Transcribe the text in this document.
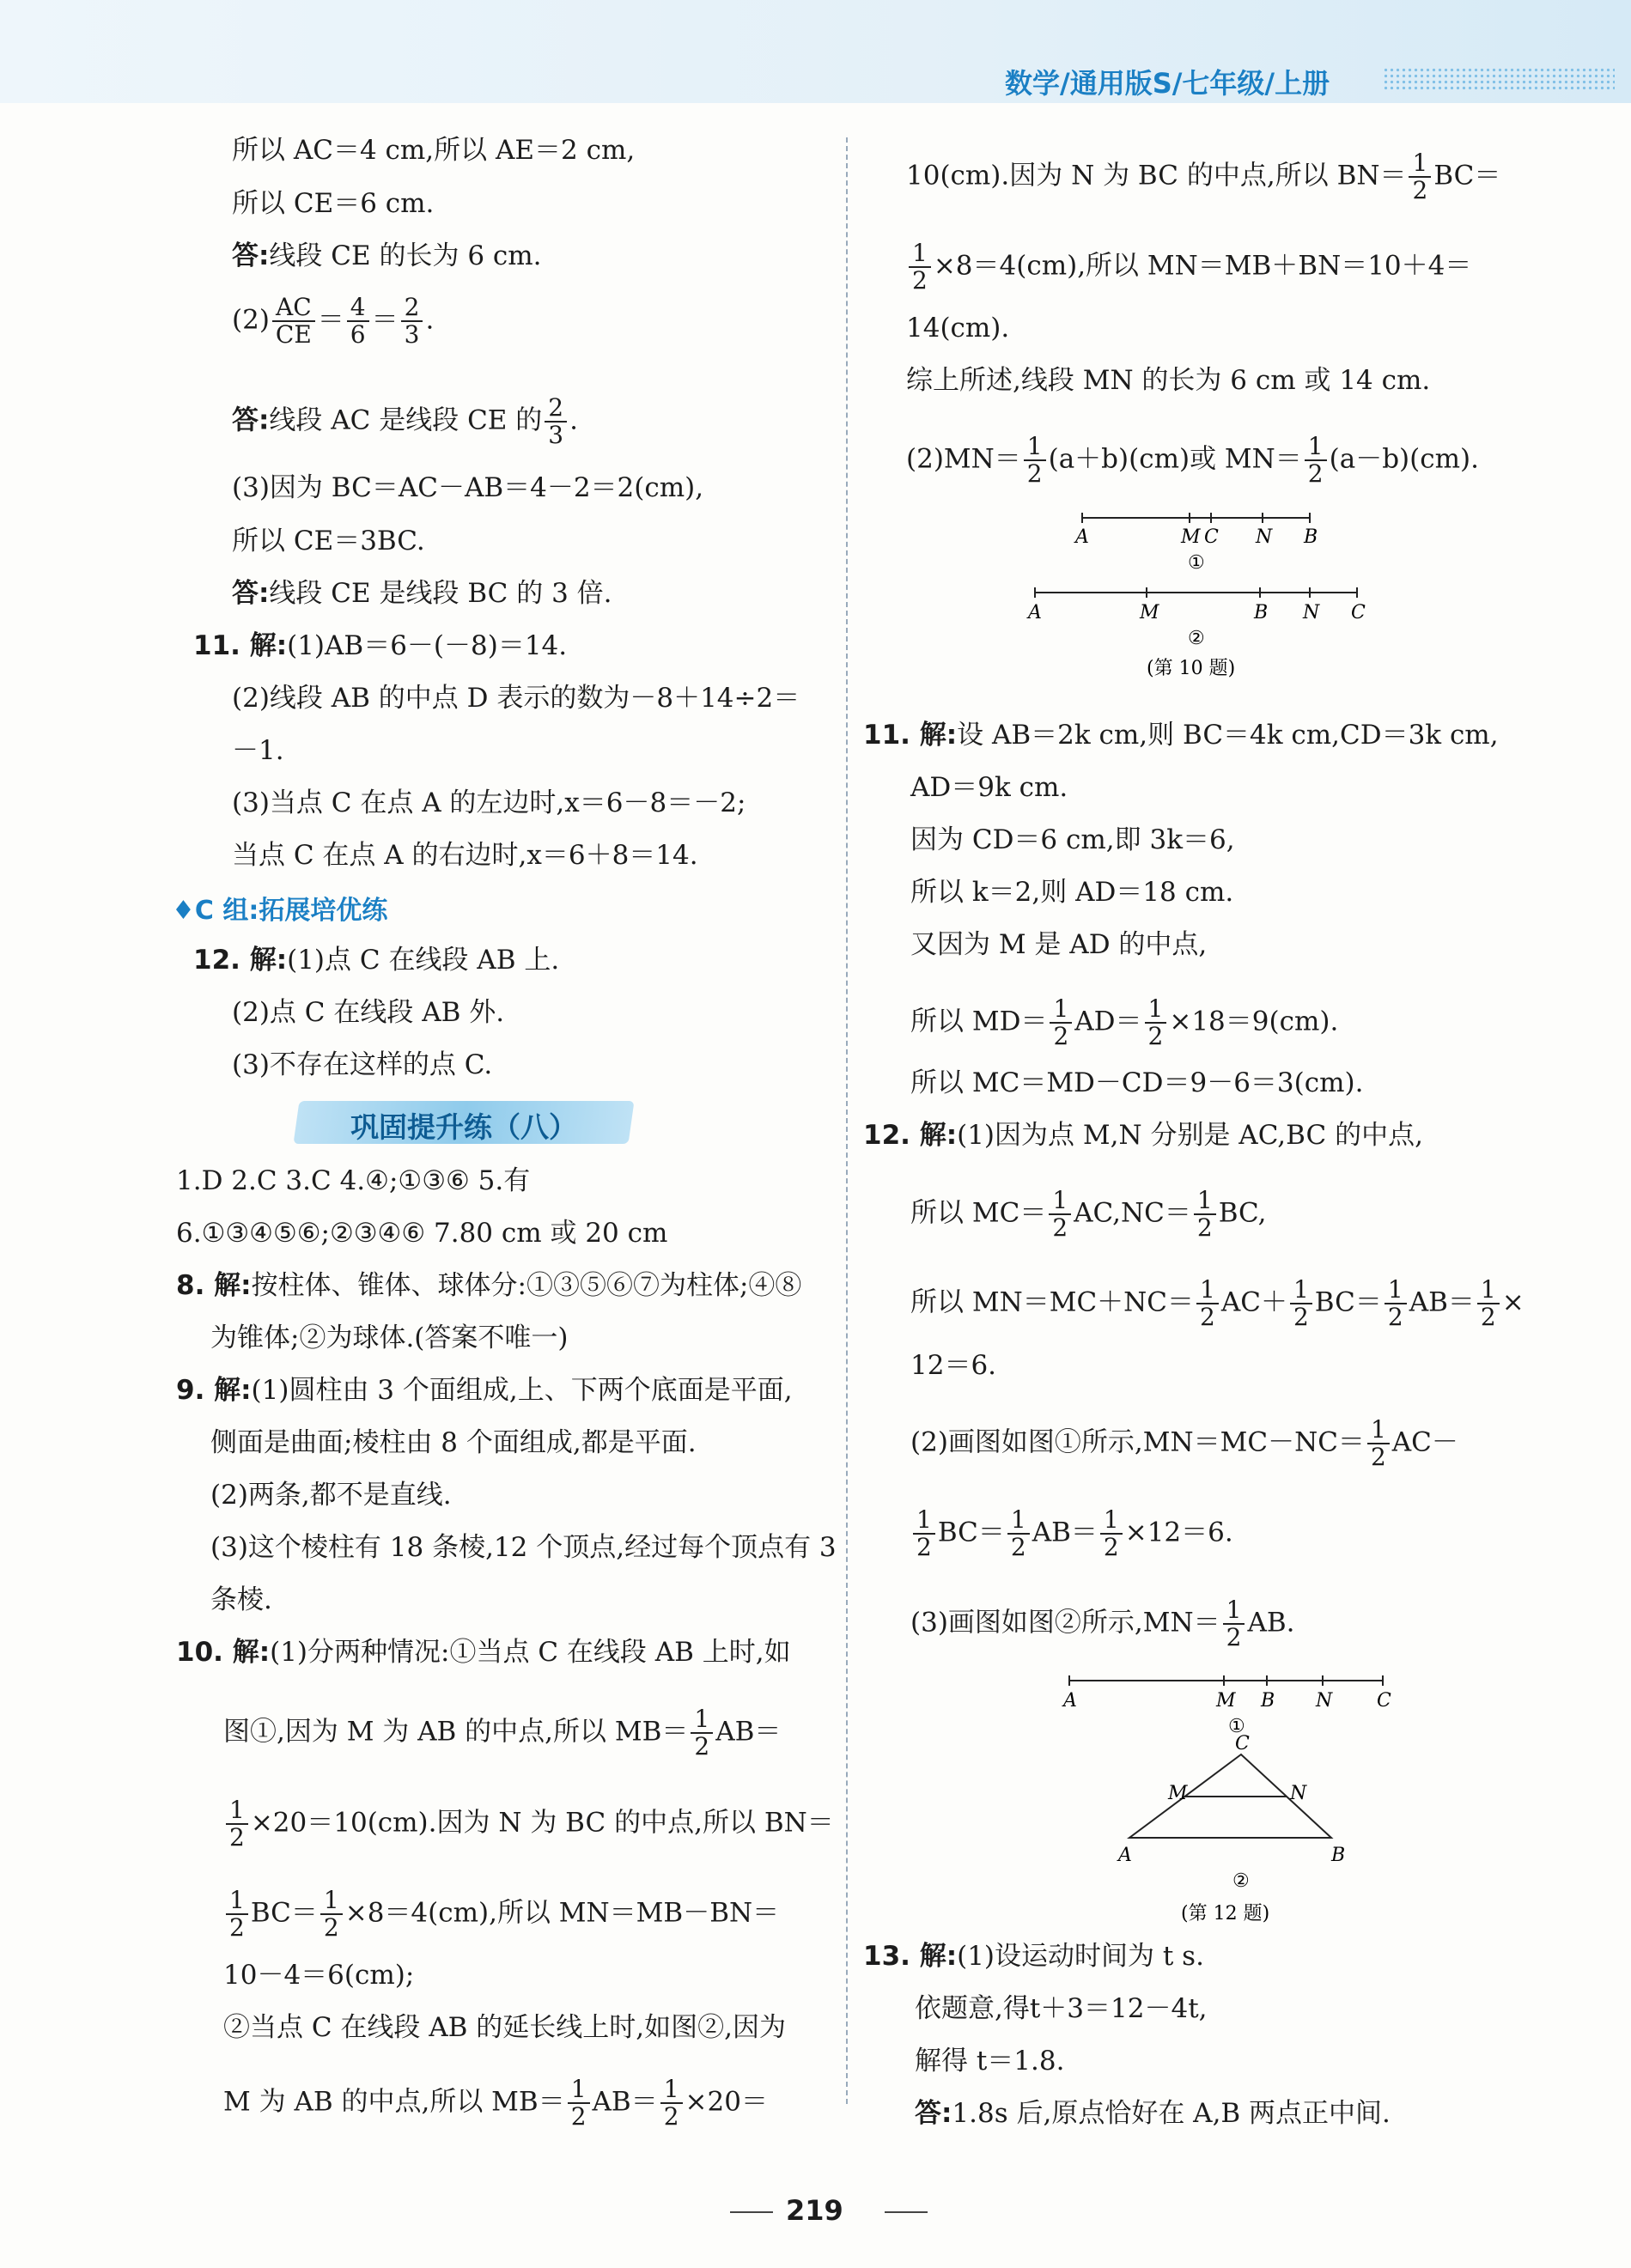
数学/通用版S/七年级/上册
所以 AC＝4 cm,所以 AE＝2 cm,
所以 CE＝6 cm.
答:线段 CE 的长为 6 cm.
$(2) \frac{AC}{CE} = \frac{4}{6} = \frac{2}{3}$ .
答:线段 AC 是线段 CE 的 $\frac{2}{3}$ .
(3)因为 BC＝AC－AB＝4－2＝2(cm),
所以 CE＝3BC.
答:线段 CE 是线段 BC 的 3 倍.
11. 解:(1)AB＝6－(－8)＝14.
(2)线段 AB 的中点 D 表示的数为－8＋14÷2＝
－1.
(3)当点 C 在点 A 的左边时,x＝6－8＝－2;
当点 C 在点 A 的右边时,x＝6＋8＝14.
♦C 组:拓展培优练
12. 解:(1)点 C 在线段 AB 上.
(2)点 C 在线段 AB 外.
(3)不存在这样的点 C.
巩固提升练（八）
1.D 2.C 3.C 4.④;①③⑥ 5.有
6.①③④⑤⑥;②③④⑥ 7.80 cm 或 20 cm
8. 解:按柱体、锥体、球体分:①③⑤⑥⑦为柱体;④⑧
为锥体;②为球体.(答案不唯一)
9. 解:(1)圆柱由 3 个面组成,上、下两个底面是平面,
侧面是曲面;棱柱由 8 个面组成,都是平面.
(2)两条,都不是直线.
(3)这个棱柱有 18 条棱,12 个顶点,经过每个顶点有 3
条棱.
10. 解:(1)分两种情况:①当点 C 在线段 AB 上时,如
图①,因为 M 为 AB 的中点,所以 $MB= \frac{1}{2} AB=$
$\frac{1}{2} \times 20=10(cm)$.因为 N 为 BC 的中点,所以 BN＝
$\frac{1}{2} BC= \frac{1}{2} \times 8=4(cm)$,所以 MN＝MB－BN＝
10－4＝6(cm);
②当点 C 在线段 AB 的延长线上时,如图②,因为
M 为 AB 的中点,所以 $MB= \frac{1}{2} AB= \frac{1}{2} \times 20=$
10(cm).因为 N 为 BC 的中点,所以 $BN= \frac{1}{2} BC=$
$\frac{1}{2} \times 8=4(cm)$,所以 MN＝MB＋BN＝10＋4＝
14(cm).
综上所述,线段 MN 的长为 6 cm 或 14 cm.
$(2)MN= \frac{1}{2} (a+b)(cm)$或 $MN= \frac{1}{2} (a-b)(cm)$.
A	M C N B
①
A	M	B N C
②
(第 10 题)
11. 解:设 AB＝2k cm,则 BC＝4k cm,CD＝3k cm,
AD＝9k cm.
因为 CD＝6 cm,即 3k＝6,
所以 k＝2,则 AD＝18 cm.
又因为 M 是 AD 的中点,
所以 $MD= \frac{1}{2} AD= \frac{1}{2} \times 18=9(cm)$.
所以 MC＝MD－CD＝9－6＝3(cm).
12. 解:(1)因为点 M,N 分别是 AC,BC 的中点,
所以 $MC= \frac{1}{2} AC,NC= \frac{1}{2}$ BC,
所以 $MN=MC+NC= \frac{1}{2} AC+ \frac{1}{2} BC= \frac{1}{2} AB= \frac{1}{2}$ ×
12＝6.
(2)画图如图①所示$,MN=MC-NC= \frac{1}{2} AC-$
$\frac{1}{2} BC= \frac{1}{2} AB= \frac{1}{2} \times 12=6$.
(3)画图如图②所示$,MN= \frac{1}{2}$ AB.
A	M B N C
①
C
M	N
A	B
②
(第 12 题)
13. 解:(1)设运动时间为 t s.
依题意,得t＋3＝12－4t,
解得 t＝1.8.
答:1.8s 后,原点恰好在 A,B 两点正中间.
219
